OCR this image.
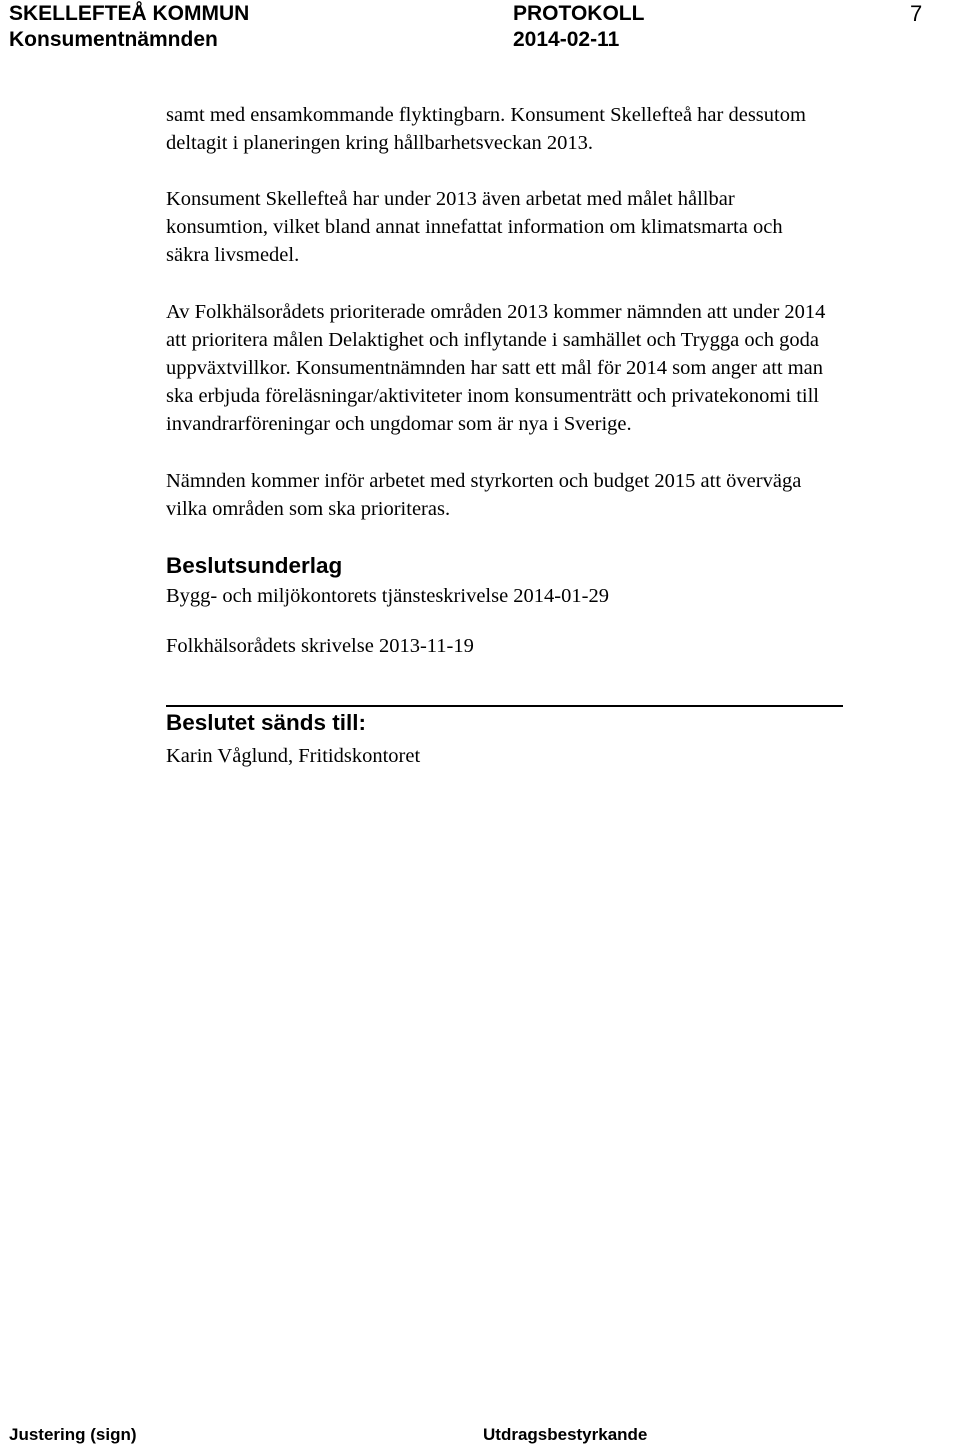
SKELLEFTEÅ KOMMUN
Konsumentnämnden
PROTOKOLL
2014-02-11
7

samt med ensamkommande flyktingbarn. Konsument Skellefteå har dessutom
deltagit i planeringen kring hållbarhetsveckan 2013.

Konsument Skellefteå har under 2013 även arbetat med målet hållbar
konsumtion, vilket bland annat innefattat information om klimatsmarta och
säkra livsmedel.

Av Folkhälsorådets prioriterade områden 2013 kommer nämnden att under 2014
att prioritera målen Delaktighet och inflytande i samhället och Trygga och goda
uppväxtvillkor. Konsumentnämnden har satt ett mål för 2014 som anger att man
ska erbjuda föreläsningar/aktiviteter inom konsumenträtt och privatekonomi till
invandrarföreningar och ungdomar som är nya i Sverige.

Nämnden kommer inför arbetet med styrkorten och budget 2015 att överväga
vilka områden som ska prioriteras.

Beslutsunderlag

Bygg- och miljökontorets tjänsteskrivelse 2014-01-29

Folkhälsorådets skrivelse 2013-11-19

Beslutet sänds till:

Karin Våglund, Fritidskontoret

Justering (sign)	Utdragsbestyrkande
